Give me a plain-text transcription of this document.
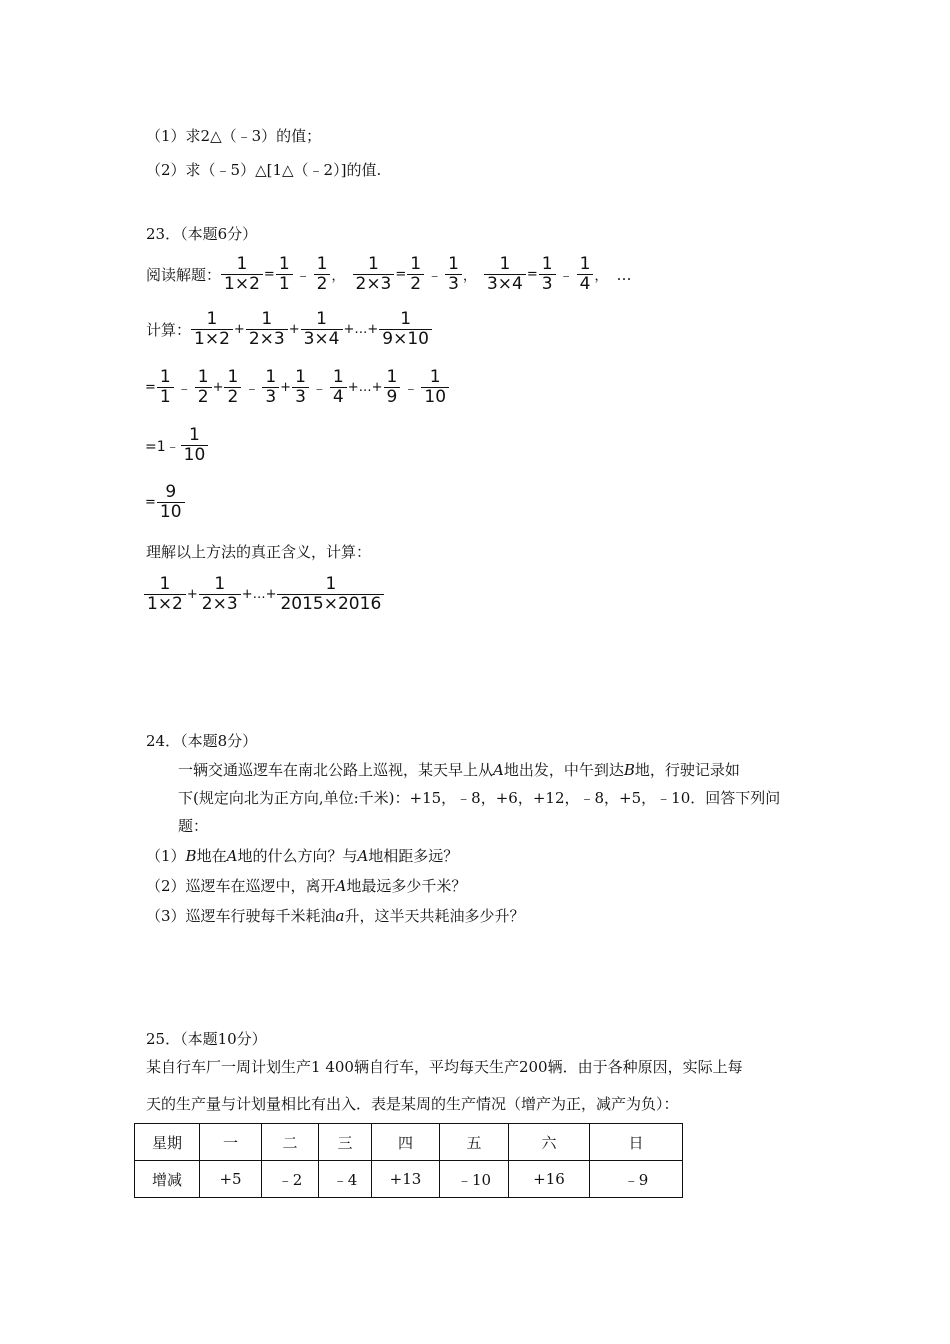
（1）求2△（﹣3）的值；
（2）求（﹣5）△[1△（﹣2）]的值.
23．（本题6分）
阅读解题： $\frac{1}{1\times 2} = \frac{1}{1}$ ﹣ $\frac{1}{2}$ ， $\frac{1}{2\times 3} = \frac{1}{2}$ ﹣ $\frac{1}{3}$ ， $\frac{1}{3\times 4} = \frac{1}{3}$ ﹣ $\frac{1}{4}$ ， …
计算： $\frac{1}{1\times 2} + \frac{1}{2\times 3} + \frac{1}{3\times 4}$ +…+ $\frac{1}{9\times 10}$
= $\frac{1}{1}$ ﹣ $\frac{1}{2} + \frac{1}{2}$ ﹣ $\frac{1}{3} + \frac{1}{3}$ ﹣ $\frac{1}{4}$ +…+ $\frac{1}{9}$ ﹣ $\frac{1}{10}$
=1﹣ $\frac{1}{10}$
= $\frac{9}{10}$
理解以上方法的真正含义，计算：
$\frac{1}{1\times 2} + \frac{1}{2\times 3}$ +…+ $\frac{1}{2015\times 2016}$
24．（本题8分）
一辆交通巡逻车在南北公路上巡视，某天早上从A地出发，中午到达B地，行驶记录如
下(规定向北为正方向,单位:千米)：+15，﹣8，+6，+12，﹣8，+5，﹣10．回答下列问
题：
（1）B地在A地的什么方向？与A地相距多远？
（2）巡逻车在巡逻中，离开A地最远多少千米？
（3）巡逻车行驶每千米耗油a升，这半天共耗油多少升？
25．（本题10分）
某自行车厂一周计划生产1 400辆自行车，平均每天生产200辆．由于各种原因，实际上每
天的生产量与计划量相比有出入．表是某周的生产情况（增产为正，减产为负）：
星期	一	二	三	四	五	六	日
增减	+5	﹣2	﹣4	+13	﹣10	+16	﹣9
